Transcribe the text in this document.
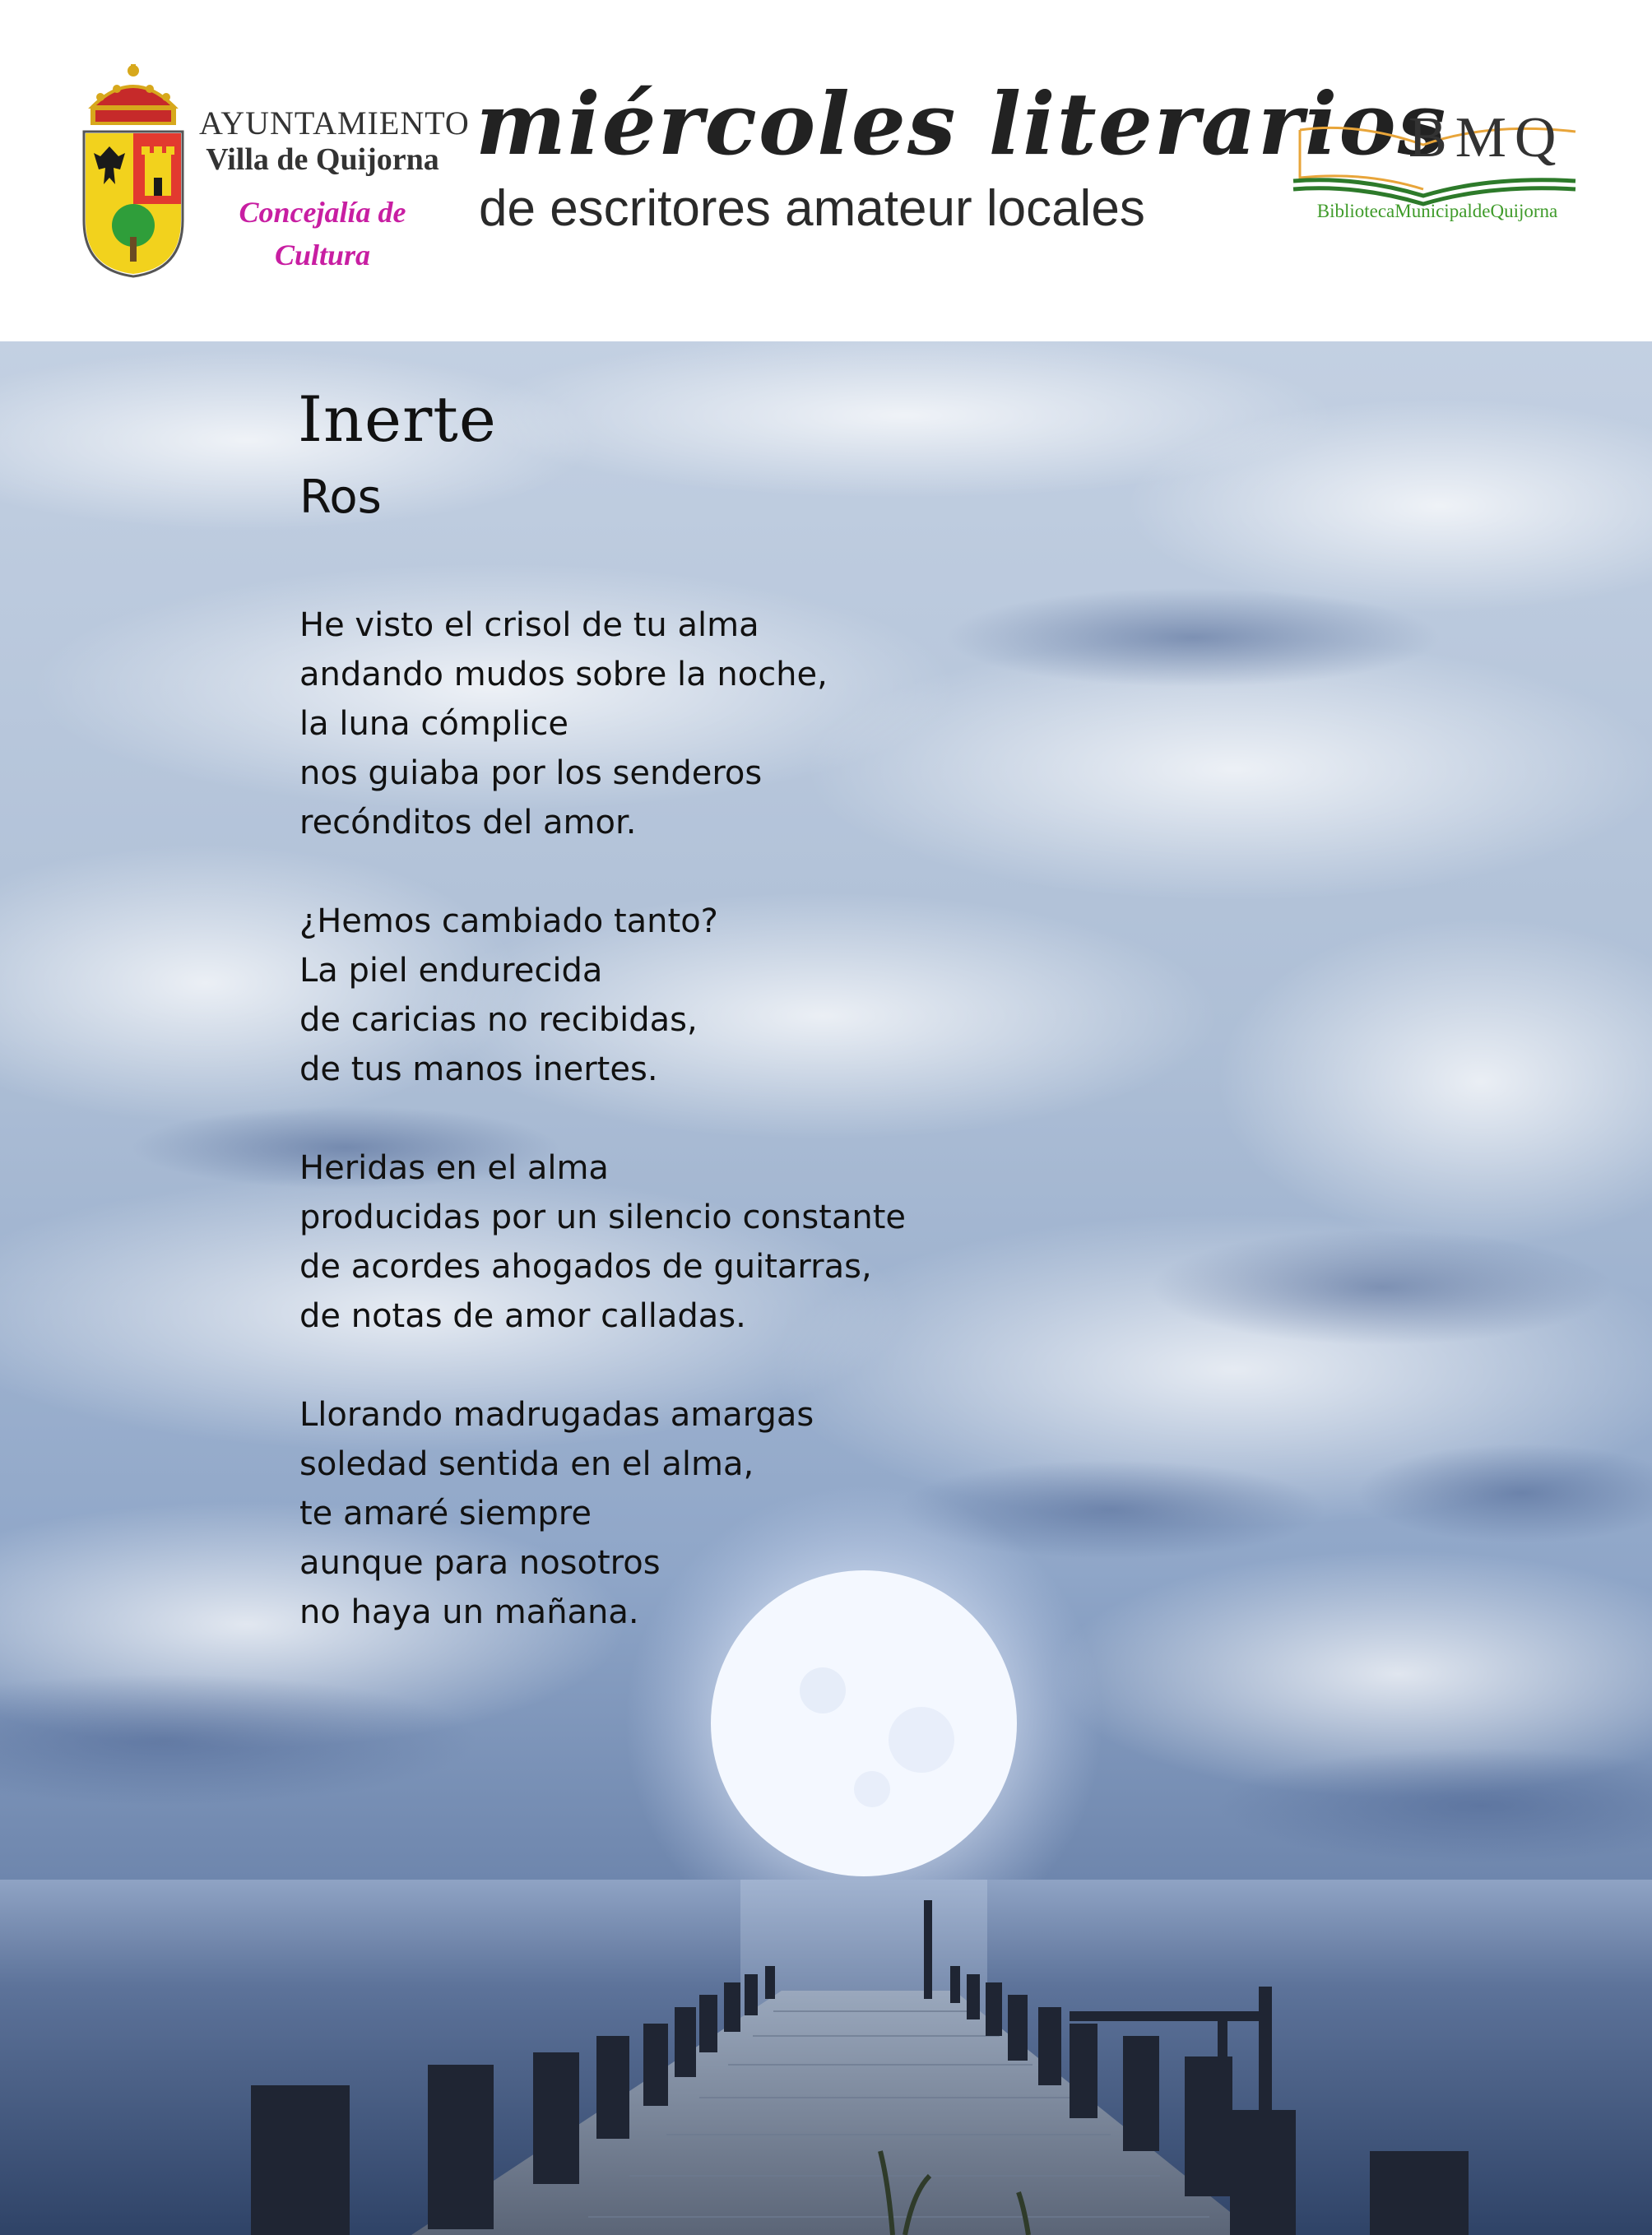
AYUNTAMIENTO
Villa de Quijorna
Concejalía de
Cultura
miércoles literarios
de escritores amateur locales
BMQ
BibliotecaMunicipaldeQuijorna
Inerte
Ros
He visto el crisol de tu alma
andando mudos sobre la noche,
la luna cómplice
nos guiaba por los senderos
recónditos del amor.
¿Hemos cambiado tanto?
La piel endurecida
de caricias no recibidas,
de tus manos inertes.
Heridas en el alma
producidas por un silencio constante
de acordes ahogados de guitarras,
de notas de amor calladas.
Llorando madrugadas amargas
soledad sentida en el alma,
te amaré siempre
aunque para nosotros
no haya un mañana.
